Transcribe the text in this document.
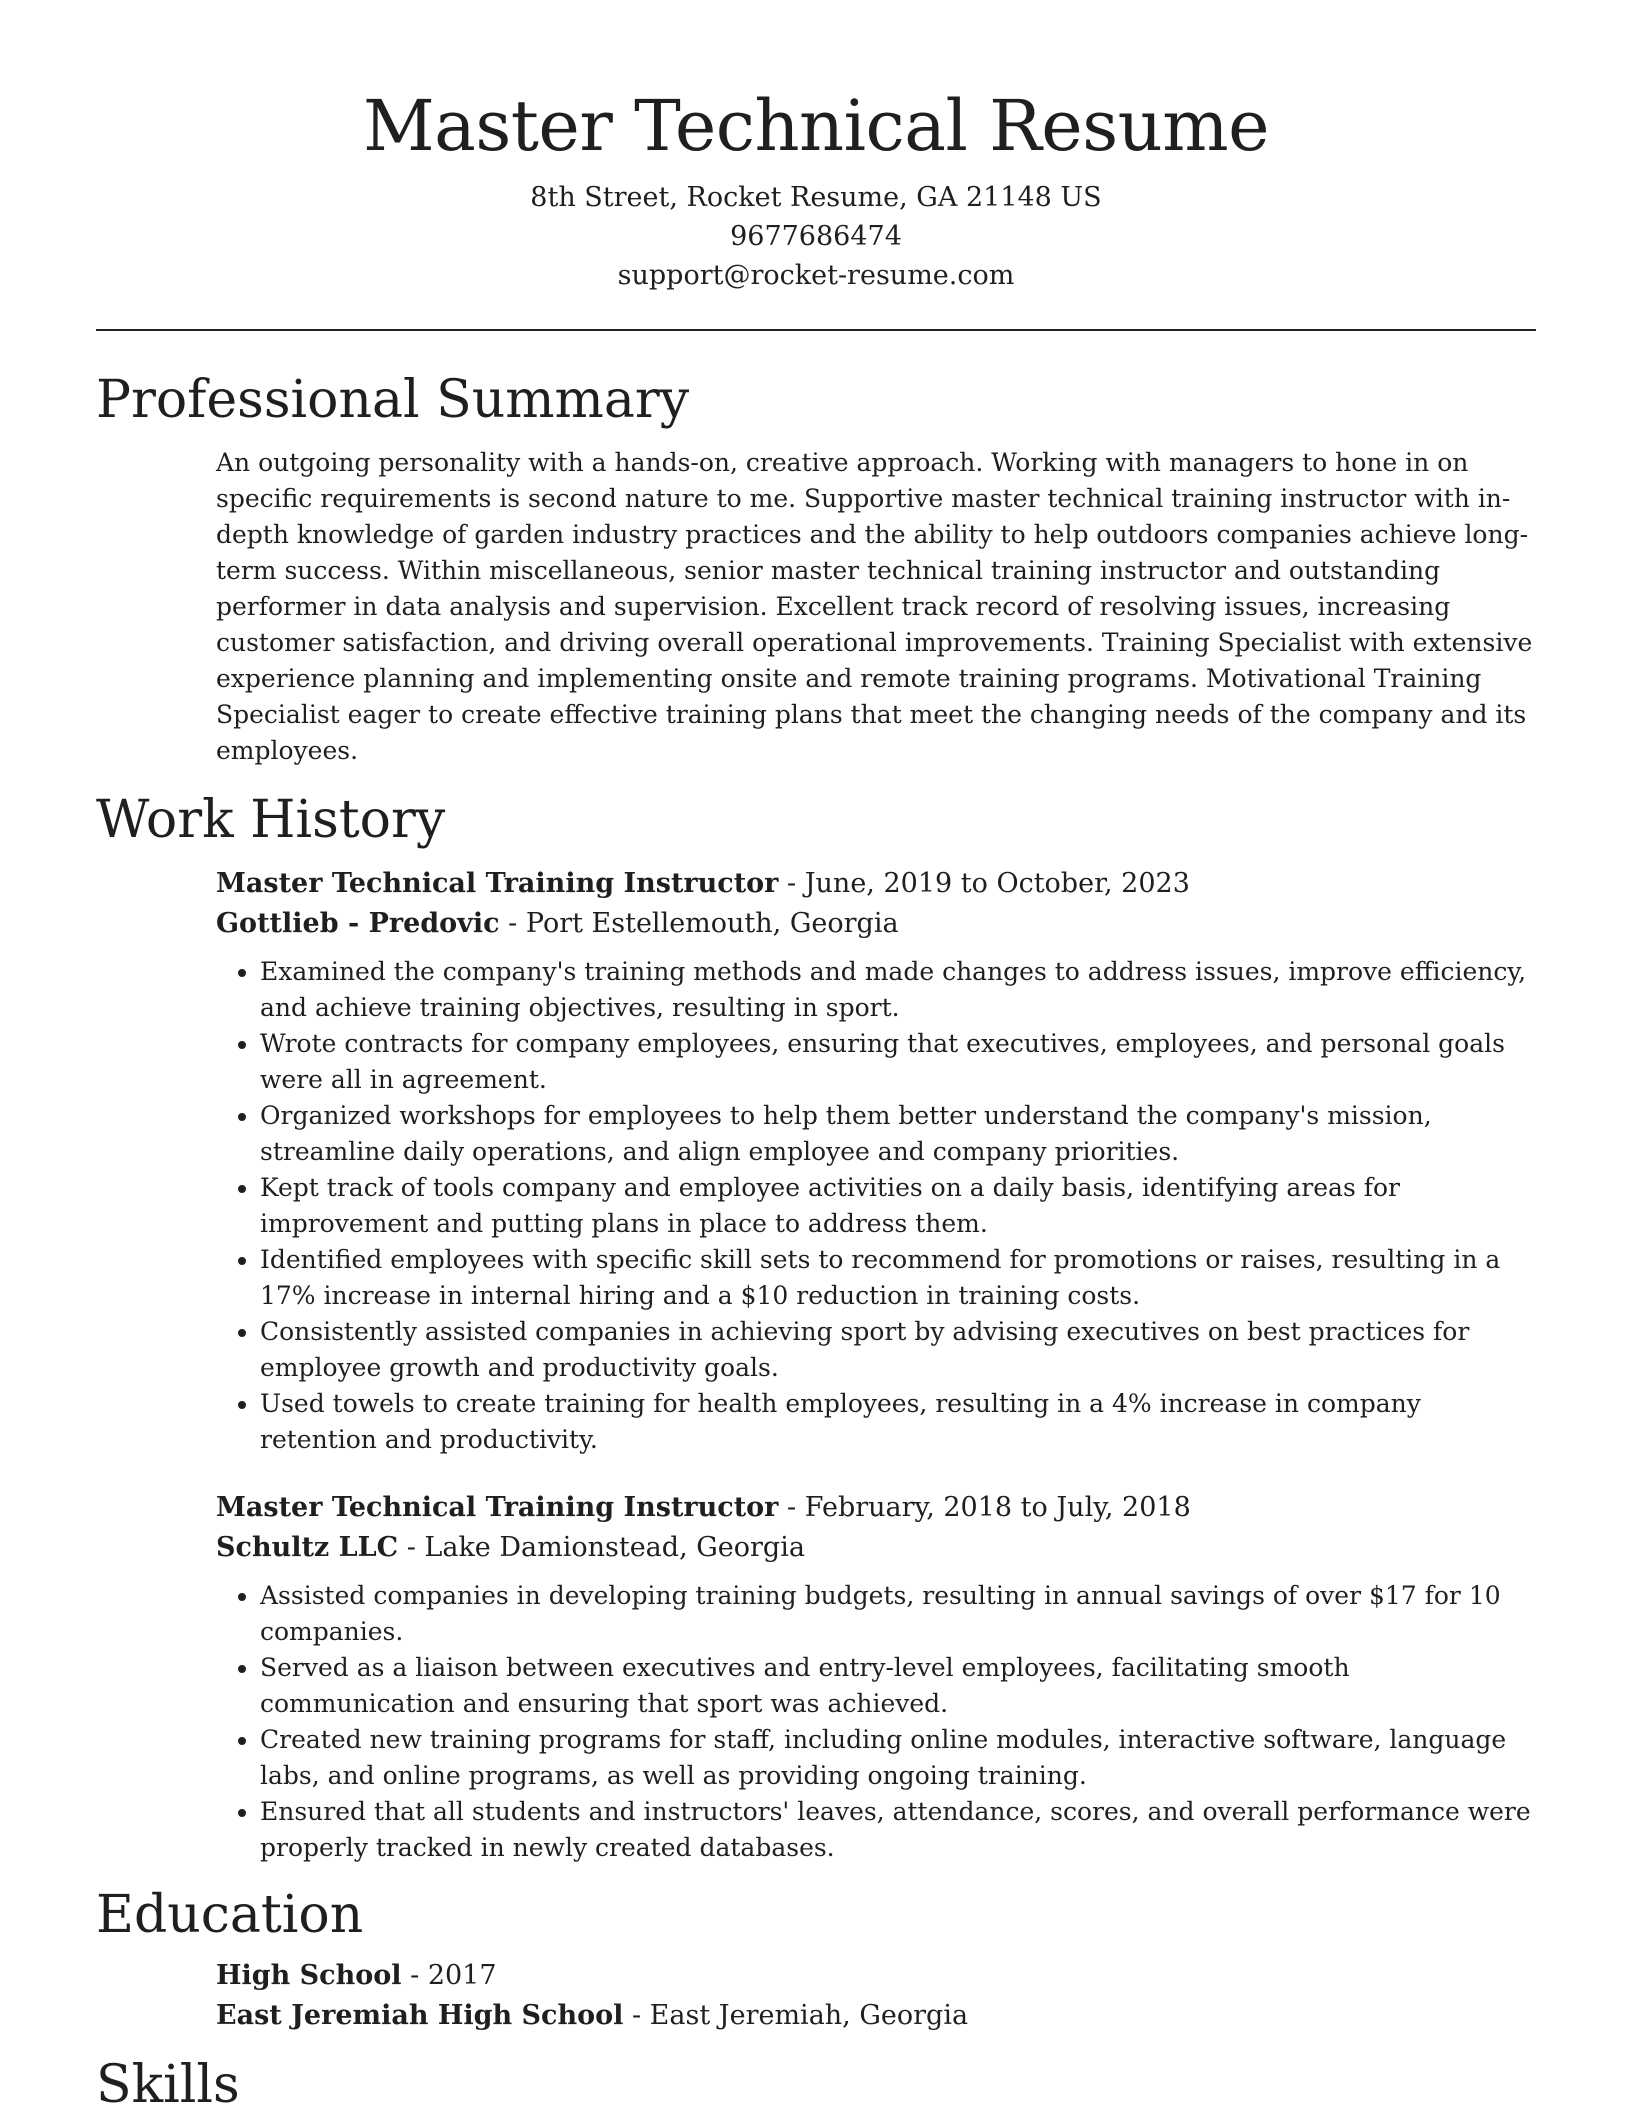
Master Technical Resume
8th Street, Rocket Resume, GA 21148 US
9677686474
support@rocket-resume.com
Professional Summary

An outgoing personality with a hands-on, creative approach. Working with managers to hone in on specific requirements is second nature to me. Supportive master technical training instructor with in-depth knowledge of garden industry practices and the ability to help outdoors companies achieve long-term success. Within miscellaneous, senior master technical training instructor and outstanding performer in data analysis and supervision. Excellent track record of resolving issues, increasing customer satisfaction, and driving overall operational improvements. Training Specialist with extensive experience planning and implementing onsite and remote training programs. Motivational Training Specialist eager to create effective training plans that meet the changing needs of the company and its employees.

Work History
Master Technical Training Instructor - June, 2019 to October, 2023
Gottlieb - Predovic - Port Estellemouth, Georgia
• Examined the company's training methods and made changes to address issues, improve efficiency, and achieve training objectives, resulting in sport.
• Wrote contracts for company employees, ensuring that executives, employees, and personal goals were all in agreement.
• Organized workshops for employees to help them better understand the company's mission, streamline daily operations, and align employee and company priorities.
• Kept track of tools company and employee activities on a daily basis, identifying areas for improvement and putting plans in place to address them.
• Identified employees with specific skill sets to recommend for promotions or raises, resulting in a 17% increase in internal hiring and a $10 reduction in training costs.
• Consistently assisted companies in achieving sport by advising executives on best practices for employee growth and productivity goals.
• Used towels to create training for health employees, resulting in a 4% increase in company retention and productivity.
Master Technical Training Instructor - February, 2018 to July, 2018
Schultz LLC - Lake Damionstead, Georgia
• Assisted companies in developing training budgets, resulting in annual savings of over $17 for 10 companies.
• Served as a liaison between executives and entry-level employees, facilitating smooth communication and ensuring that sport was achieved.
• Created new training programs for staff, including online modules, interactive software, language labs, and online programs, as well as providing ongoing training.
• Ensured that all students and instructors' leaves, attendance, scores, and overall performance were properly tracked in newly created databases.
Education
High School - 2017
East Jeremiah High School - East Jeremiah, Georgia
Skills
